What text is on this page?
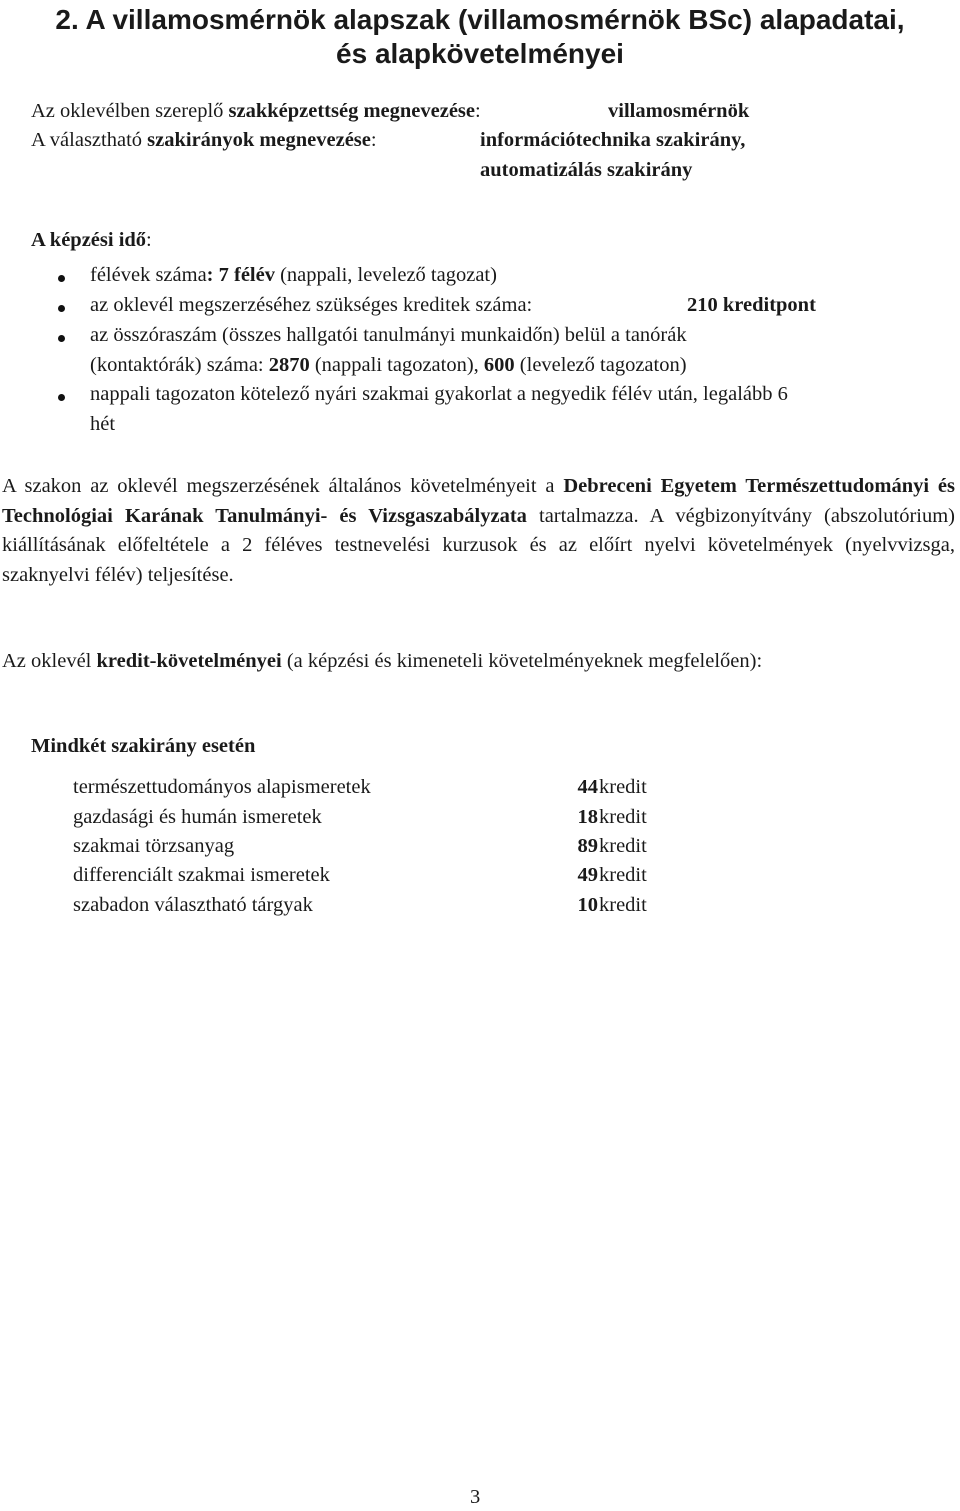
2. A villamosmérnök alapszak (villamosmérnök BSc) alapadatai,
és alapkövetelményei
Az oklevélben szereplő szakképzettség megnevezése:	villamosmérnök
A választható szakirányok megnevezése:	információtechnika szakirány,
automatizálás szakirány
A képzési idő:
félévek száma: 7 félév (nappali, levelező tagozat)
az oklevél megszerzéséhez szükséges kreditek száma:	210 kreditpont
az összóraszám (összes hallgatói tanulmányi munkaidőn) belül a tanórák
(kontaktórák) száma: 2870 (nappali tagozaton), 600 (levelező tagozaton)
nappali tagozaton kötelező nyári szakmai gyakorlat a negyedik félév után, legalább 6
hét
A szakon az oklevél megszerzésének általános követelményeit a Debreceni Egyetem Természettudományi és Technológiai Karának Tanulmányi- és Vizsgaszabályzata tartalmazza. A végbizonyítvány (abszolutórium) kiállításának előfeltétele a 2 féléves testnevelési kurzusok és az előírt nyelvi követelmények (nyelvvizsga, szaknyelvi félév) teljesítése.
Az oklevél kredit-követelményei (a képzési és kimeneteli követelményeknek megfelelően):
Mindkét szakirány esetén
természettudományos alapismeretek	44 kredit
gazdasági és humán ismeretek	18 kredit
szakmai törzsanyag	89 kredit
differenciált szakmai ismeretek	49 kredit
szabadon választható tárgyak	10 kredit
3
